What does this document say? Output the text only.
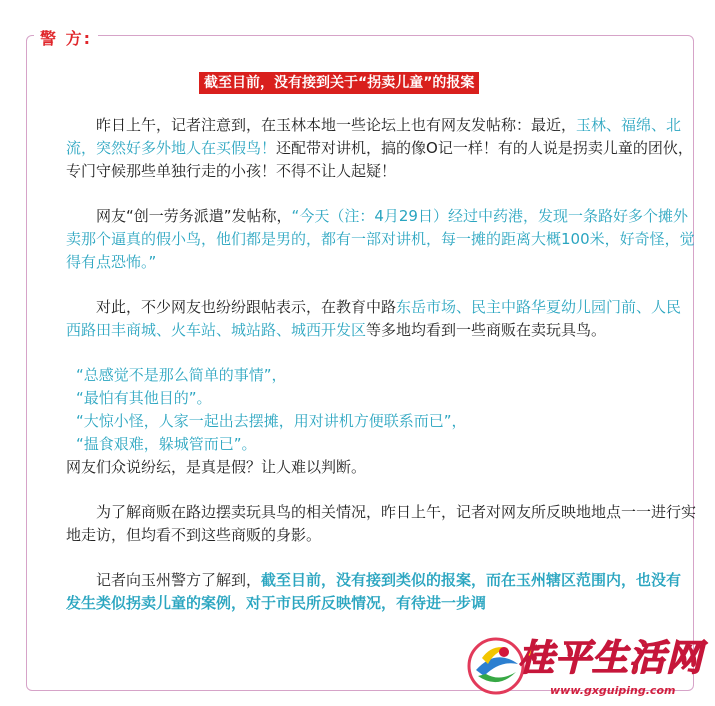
警 方:
截至目前，没有接到关于“拐卖儿童”的报案

昨日上午，记者注意到，在玉林本地一些论坛上也有网友发帖称：最近，玉林、福绵、北流，突然好多外地人在买假鸟！还配带对讲机，搞的像O记一样！有的人说是拐卖儿童的团伙，专门守候那些单独行走的小孩！不得不让人起疑！

网友“创一劳务派遣”发帖称，“今天（注：4月29日）经过中药港，发现一条路好多个摊外卖那个逼真的假小鸟，他们都是男的，都有一部对讲机，每一摊的距离大概100米，好奇怪，觉得有点恐怖。”

对此，不少网友也纷纷跟帖表示，在教育中路东岳市场、民主中路华夏幼儿园门前、人民西路田丰商城、火车站、城站路、城西开发区等多地均看到一些商贩在卖玩具鸟。

“总感觉不是那么简单的事情”，

“最怕有其他目的”。

“大惊小怪，人家一起出去摆摊，用对讲机方便联系而已”，

“揾食艰难，躲城管而已”。

网友们众说纷纭，是真是假？让人难以判断。

为了解商贩在路边摆卖玩具鸟的相关情况，昨日上午，记者对网友所反映地地点一一进行实地走访，但均看不到这些商贩的身影。

记者向玉州警方了解到，截至目前，没有接到类似的报案，而在玉州辖区范围内，也没有发生类似拐卖儿童的案例，对于市民所反映情况，有待进一步调

桂平生活网
www.gxguiping.com
